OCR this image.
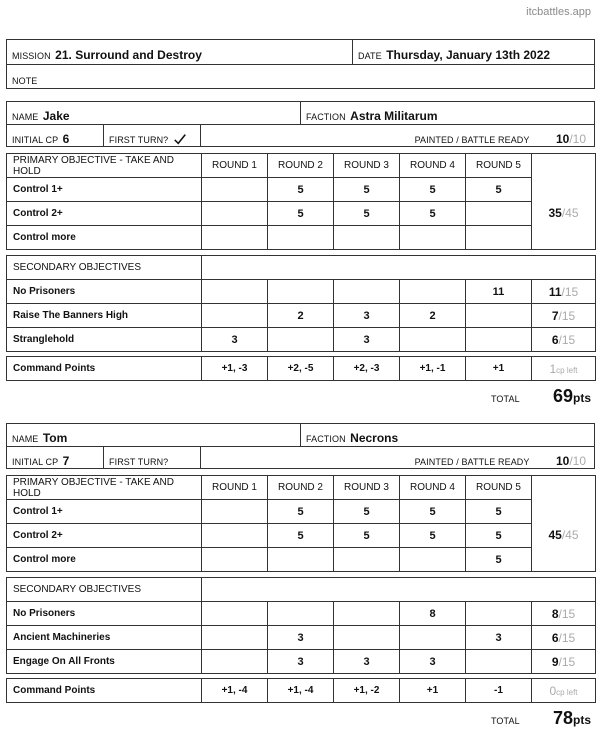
itcbattles.app
MISSION 21. Surround and Destroy	DATE Thursday, January 13th 2022
NOTE
NAME Jake	FACTION Astra Militarum
INITIAL CP 6	FIRST TURN?	PAINTED / BATTLE READY 10/10
PRIMARY OBJECTIVE - TAKE AND HOLD	ROUND 1	ROUND 2	ROUND 3	ROUND 4	ROUND 5	
Control 1+		5	5	5	5	35/45
Control 2+		5	5	5		
Control more						
SECONDARY OBJECTIVES						
No Prisoners					11	11/15
Raise The Banners High		2	3	2		7/15
Stranglehold	3		3			6/15
Command Points	+1, -3	+2, -5	+2, -3	+1, -1	+1	1cp left
TOTAL 69pts
NAME Tom	FACTION Necrons
INITIAL CP 7	FIRST TURN?	PAINTED / BATTLE READY 10/10
PRIMARY OBJECTIVE - TAKE AND HOLD	ROUND 1	ROUND 2	ROUND 3	ROUND 4	ROUND 5	
Control 1+		5	5	5	5	45/45
Control 2+		5	5	5	5	
Control more					5	
SECONDARY OBJECTIVES						
No Prisoners				8		8/15
Ancient Machineries		3			3	6/15
Engage On All Fronts		3	3	3		9/15
Command Points	+1, -4	+1, -4	+1, -2	+1	-1	0cp left
TOTAL 78pts
